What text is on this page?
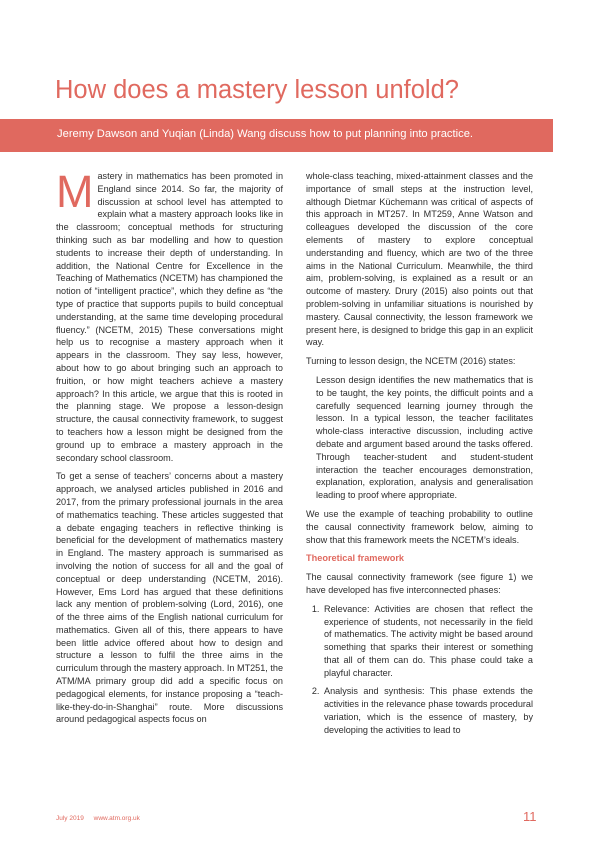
How does a mastery lesson unfold?
Jeremy Dawson and Yuqian (Linda) Wang discuss how to put planning into practice.

Mastery in mathematics has been promoted in England since 2014. So far, the majority of discussion at school level has attempted to explain what a mastery approach looks like in the classroom; conceptual methods for structuring thinking such as bar modelling and how to question students to increase their depth of understanding. In addition, the National Centre for Excellence in the Teaching of Mathematics (NCETM) has championed the notion of “intelligent practice”, which they define as “the type of practice that supports pupils to build conceptual understanding, at the same time developing procedural fluency.” (NCETM, 2015) These conversations might help us to recognise a mastery approach when it appears in the classroom. They say less, however, about how to go about bringing such an approach to fruition, or how might teachers achieve a mastery approach? In this article, we argue that this is rooted in the planning stage. We propose a lesson-design structure, the causal connectivity framework, to suggest to teachers how a lesson might be designed from the ground up to embrace a mastery approach in the secondary school classroom.

To get a sense of teachers’ concerns about a mastery approach, we analysed articles published in 2016 and 2017, from the primary professional journals in the area of mathematics teaching. These articles suggested that a debate engaging teachers in reflective thinking is beneficial for the development of mathematics mastery in England. The mastery approach is summarised as involving the notion of success for all and the goal of conceptual or deep understanding (NCETM, 2016). However, Ems Lord has argued that these definitions lack any mention of problem-solving (Lord, 2016), one of the three aims of the English national curriculum for mathematics. Given all of this, there appears to have been little advice offered about how to design and structure a lesson to fulfil the three aims in the curriculum through the mastery approach. In MT251, the ATM/MA primary group did add a specific focus on pedagogical elements, for instance proposing a “teach-like-they-do-in-Shanghai” route. More discussions around pedagogical aspects focus on

whole-class teaching, mixed-attainment classes and the importance of small steps at the instruction level, although Dietmar Küchemann was critical of aspects of this approach in MT257. In MT259, Anne Watson and colleagues developed the discussion of the core elements of mastery to explore conceptual understanding and fluency, which are two of the three aims in the National Curriculum. Meanwhile, the third aim, problem-solving, is explained as a result or an outcome of mastery. Drury (2015) also points out that problem-solving in unfamiliar situations is nourished by mastery. Causal connectivity, the lesson framework we present here, is designed to bridge this gap in an explicit way.

Turning to lesson design, the NCETM (2016) states:

Lesson design identifies the new mathematics that is to be taught, the key points, the difficult points and a carefully sequenced learning journey through the lesson. In a typical lesson, the teacher facilitates whole-class interactive discussion, including active debate and argument based around the tasks offered. Through teacher-student and student-student interaction the teacher encourages demonstration, explanation, exploration, analysis and generalisation leading to proof where appropriate.

We use the example of teaching probability to outline the causal connectivity framework below, aiming to show that this framework meets the NCETM’s ideals.

Theoretical framework

The causal connectivity framework (see figure 1) we have developed has five interconnected phases:

1. Relevance: Activities are chosen that reflect the experience of students, not necessarily in the field of mathematics. The activity might be based around something that sparks their interest or something that all of them can do. This phase could take a playful character.
2. Analysis and synthesis: This phase extends the activities in the relevance phase towards procedural variation, which is the essence of mastery, by developing the activities to lead to
July 2019 www.atm.org.uk	11
